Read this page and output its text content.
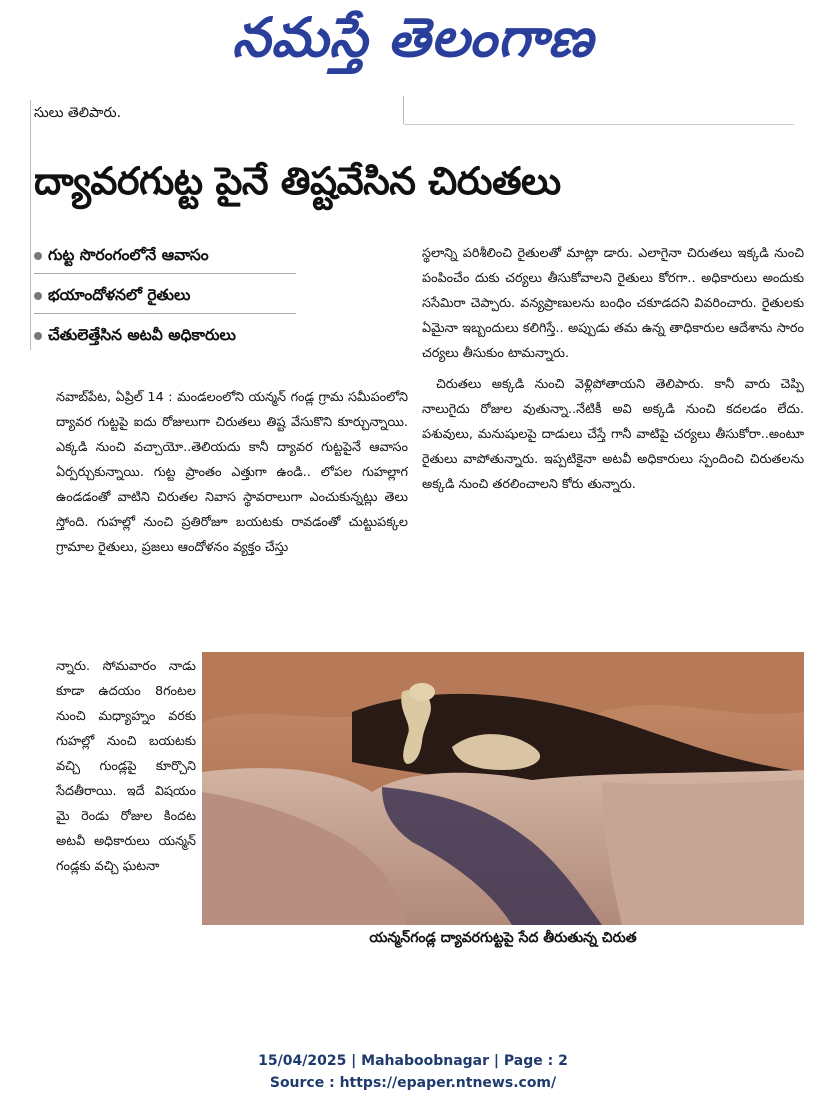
నమస్తే తెలంగాణ
సులు తెలిపారు.
ద్యావరగుట్ట పైనే తిష్టవేసిన చిరుతలు
గుట్ట సొరంగంలోనే ఆవాసం
భయాందోళనలో రైతులు
చేతులెత్తేసిన అటవీ అధికారులు

నవాబ్‌పేట, ఏప్రిల్ 14 : మండలంలోని యన్మన్ గండ్ల గ్రామ సమీపంలోని ద్యావర గుట్టపై ఐదు రోజులుగా చిరుతలు తిష్ట వేసుకొని కూర్చున్నాయి. ఎక్కడి నుంచి వచ్చాయో..తెలియదు కానీ ద్యావర గుట్టపైనే ఆవాసం ఏర్పర్చుకున్నాయి. గుట్ట ప్రాంతం ఎత్తుగా ఉండి.. లోపల గుహల్లాగ ఉండడంతో వాటిని చిరుతల నివాస స్థావరాలుగా ఎంచుకున్నట్లు తెలు స్తోంది. గుహల్లో నుంచి ప్రతిరోజూ బయటకు రావడంతో చుట్టుపక్కల గ్రామాల రైతులు, ప్రజలు ఆందోళనం వ్యక్తం చేస్తు

న్నారు. సోమవారం నాడు కూడా ఉదయం 8గంటల నుంచి మధ్యాహ్నం వరకు గుహల్లో నుంచి బయటకు వచ్చి గుండ్లపై కూర్చొని సేదతీరాయి. ఇదే విషయం మై రెండు రోజుల కిందట అటవీ అధికారులు యన్మన్ గండ్లకు వచ్చి ఘటనా

స్థలాన్ని పరిశీలించి రైతులతో మాట్లా డారు. ఎలాగైనా చిరుతలు ఇక్కడి నుంచి పంపించేం దుకు చర్యలు తీసుకోవాలని రైతులు కోరగా.. అధికారులు అందుకు ససేమిరా చెప్పారు. వన్యప్రాణులను బంధిం చకూడదని వివరించారు. రైతులకు ఏమైనా ఇబ్బందులు కలిగిస్తే.. అప్పుడు తమ ఉన్న తాధికారుల ఆదేశాను సారం చర్యలు తీసుకుం టామన్నారు.

చిరుతలు అక్కడి నుంచి వెళ్లిపోతాయని తెలిపారు. కానీ వారు చెప్పి నాలుగైదు రోజుల వుతున్నా..నేటికీ అవి అక్కడి నుంచి కదలడం లేదు. పశువులు, మనుషులపై దాడులు చేస్తే గానీ వాటిపై చర్యలు తీసుకోరా..అంటూ రైతులు వాపోతున్నారు. ఇప్పటికైనా అటవీ అధికారులు స్పందించి చిరుతలను అక్కడి నుంచి తరలించాలని కోరు తున్నారు.

యన్మన్‌గండ్ల ద్యావరగుట్టపై సేద తీరుతున్న చిరుత
15/04/2025 | Mahaboobnagar | Page : 2
Source : https://epaper.ntnews.com/
